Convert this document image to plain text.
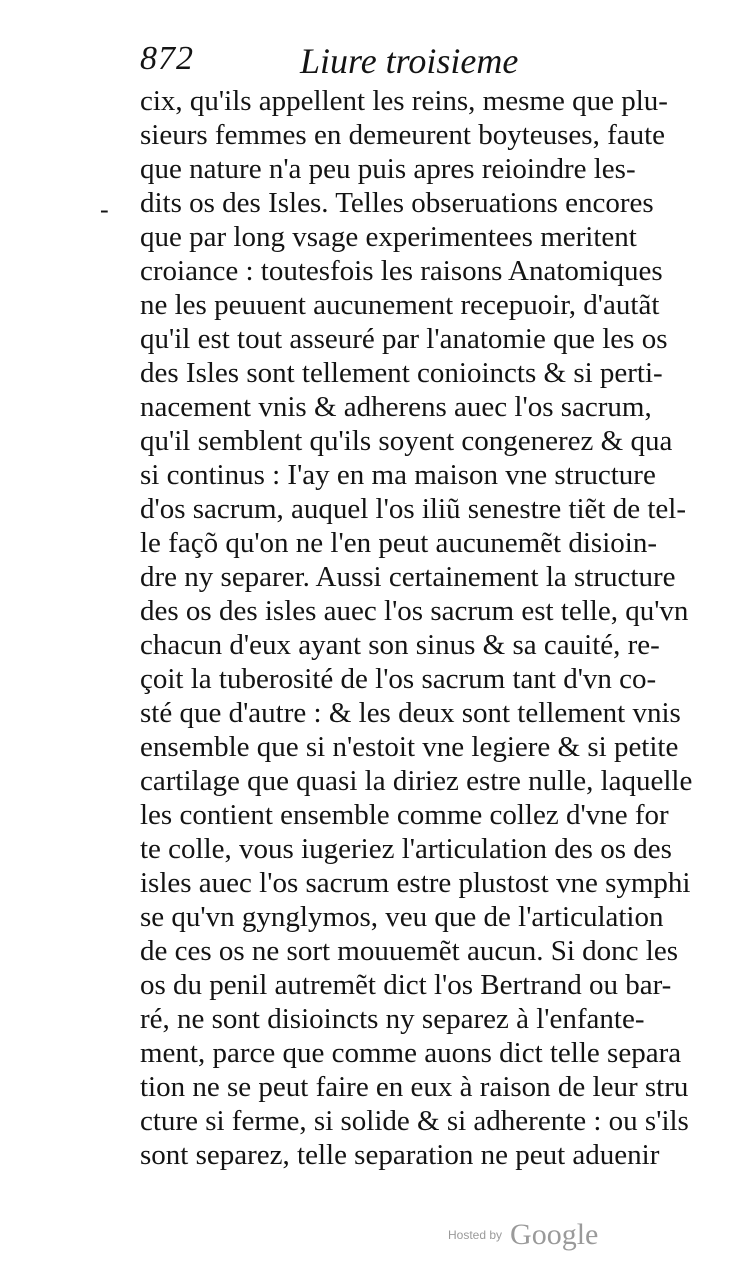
872	Liure troisieme
-
cix, qu'ils appellent les reins, mesme que plu-
sieurs femmes en demeurent boyteuses, faute
que nature n'a peu puis apres reioindre les-
dits os des Isles. Telles obseruations encores
que par long vsage experimentees meritent
croiance : toutesfois les raisons Anatomiques
ne les peuuent aucunement recepuoir, d'autãt
qu'il est tout asseuré par l'anatomie que les os
des Isles sont tellement conioincts & si perti-
nacement vnis & adherens auec l'os sacrum,
qu'il semblent qu'ils soyent congenerez & qua
si continus : I'ay en ma maison vne structure
d'os sacrum, auquel l'os iliũ senestre tiẽt de tel-
le façõ qu'on ne l'en peut aucunemẽt disioin-
dre ny separer. Aussi certainement la structure
des os des isles auec l'os sacrum est telle, qu'vn
chacun d'eux ayant son sinus & sa cauité, re-
çoit la tuberosité de l'os sacrum tant d'vn co-
sté que d'autre : & les deux sont tellement vnis
ensemble que si n'estoit vne legiere & si petite
cartilage que quasi la diriez estre nulle, laquelle
les contient ensemble comme collez d'vne for
te colle, vous iugeriez l'articulation des os des
isles auec l'os sacrum estre plustost vne symphi
se qu'vn gynglymos, veu que de l'articulation
de ces os ne sort mouuemẽt aucun. Si donc les
os du penil autremẽt dict l'os Bertrand ou bar-
ré, ne sont disioincts ny separez à l'enfante-
ment, parce que comme auons dict telle separa
tion ne se peut faire en eux à raison de leur stru
cture si ferme, si solide & si adherente : ou s'ils
sont separez, telle separation ne peut aduenir
Hosted by Google
